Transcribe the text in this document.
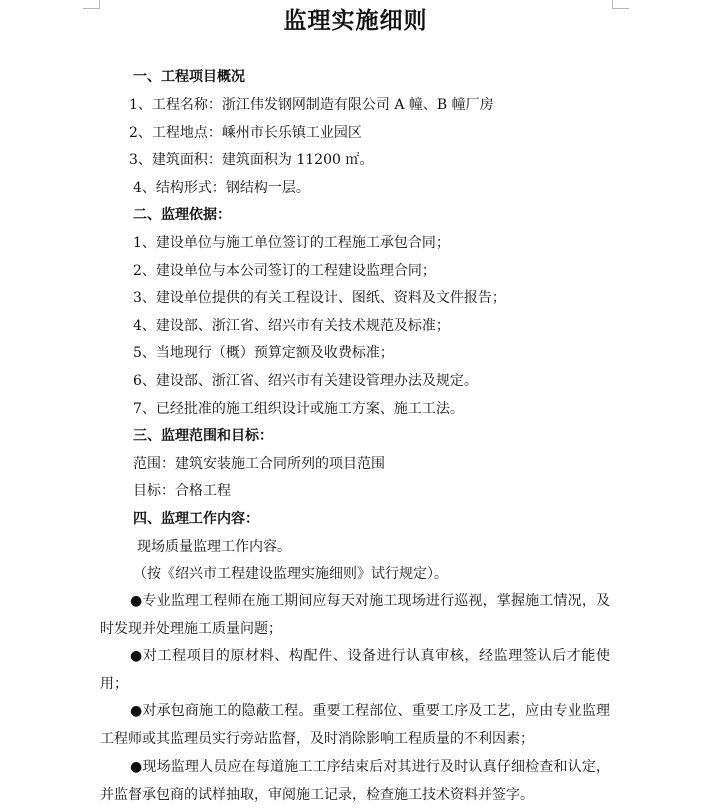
监理实施细则
一、工程项目概况
1、工程名称：浙江伟发钢网制造有限公司 A 幢、B 幢厂房
2、工程地点：嵊州市长乐镇工业园区
3、建筑面积：建筑面积为 11200 ㎡。
4、结构形式：钢结构一层。
二、监理依据：
1、建设单位与施工单位签订的工程施工承包合同；
2、建设单位与本公司签订的工程建设监理合同；
3、建设单位提供的有关工程设计、图纸、资料及文件报告；
4、建设部、浙江省、绍兴市有关技术规范及标准；
5、当地现行（概）预算定额及收费标准；
6、建设部、浙江省、绍兴市有关建设管理办法及规定。
7、已经批准的施工组织设计或施工方案、施工工法。
三、监理范围和目标：
范围：建筑安装施工合同所列的项目范围
目标：合格工程
四、监理工作内容：
现场质量监理工作内容。
（按《绍兴市工程建设监理实施细则》试行规定）。
●专业监理工程师在施工期间应每天对施工现场进行巡视，掌握施工情况，及时发现并处理施工质量问题；
●对工程项目的原材料、构配件、设备进行认真审核，经监理签认后才能使用；
●对承包商施工的隐蔽工程。重要工程部位、重要工序及工艺，应由专业监理工程师或其监理员实行旁站监督，及时消除影响工程质量的不利因素；
●现场监理人员应在每道施工工序结束后对其进行及时认真仔细检查和认定，并监督承包商的试样抽取，审阅施工记录，检查施工技术资料并签字。
